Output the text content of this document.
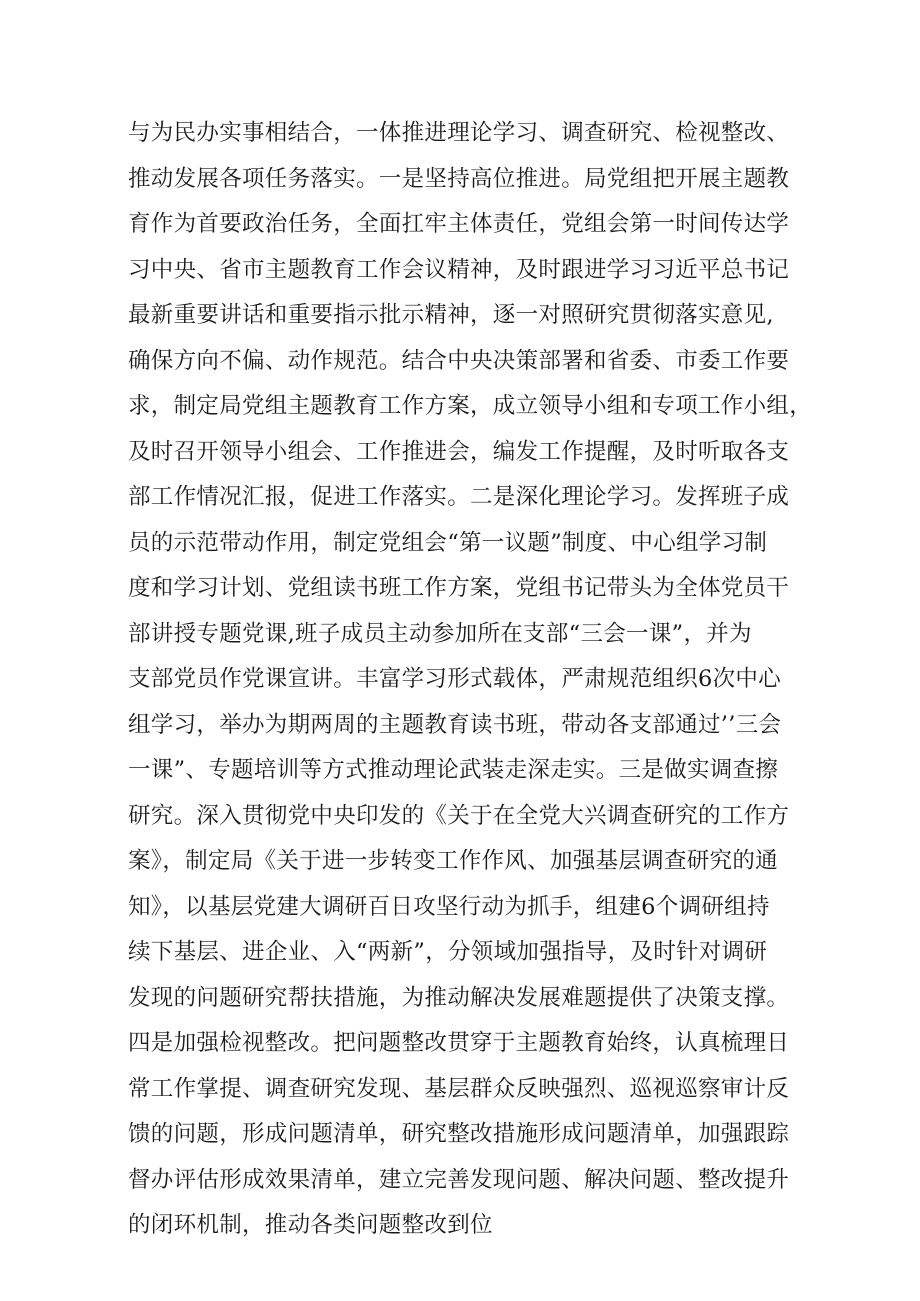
与为民办实事相结合，一体推进理论学习、调查研究、检视整改、
推动发展各项任务落实。一是坚持高位推进。局党组把开展主题教
育作为首要政治任务，全面扛牢主体责任，党组会第一时间传达学
习中央、省市主题教育工作会议精神，及时跟进学习习近平总书记
最新重要讲话和重要指示批示精神，逐一对照研究贯彻落实意见,
确保方向不偏、动作规范。结合中央决策部署和省委、市委工作要
求，制定局党组主题教育工作方案，成立领导小组和专项工作小组，
及时召开领导小组会、工作推进会，编发工作提醒，及时听取各支
部工作情况汇报，促进工作落实。二是深化理论学习。发挥班子成
员的示范带动作用，制定党组会“第一议题”制度、中心组学习制
度和学习计划、党组读书班工作方案，党组书记带头为全体党员干
部讲授专题党课,班子成员主动参加所在支部“三会一课”，并为
支部党员作党课宣讲。丰富学习形式载体，严肃规范组织6次中心
组学习，举办为期两周的主题教育读书班，带动各支部通过’’三会
一课”、专题培训等方式推动理论武装走深走实。三是做实调查擦
研究。深入贯彻党中央印发的《关于在全党大兴调查研究的工作方
案》，制定局《关于进一步转变工作作风、加强基层调查研究的通
知》，以基层党建大调研百日攻坚行动为抓手，组建6个调研组持
续下基层、进企业、入“两新”，分领域加强指导，及时针对调研
发现的问题研究帮扶措施，为推动解决发展难题提供了决策支撑。
四是加强检视整改。把问题整改贯穿于主题教育始终，认真梳理日
常工作掌提、调查研究发现、基层群众反映强烈、巡视巡察审计反
馈的问题，形成问题清单，研究整改措施形成问题清单，加强跟踪
督办评估形成效果清单，建立完善发现问题、解决问题、整改提升
的闭环机制，推动各类问题整改到位
